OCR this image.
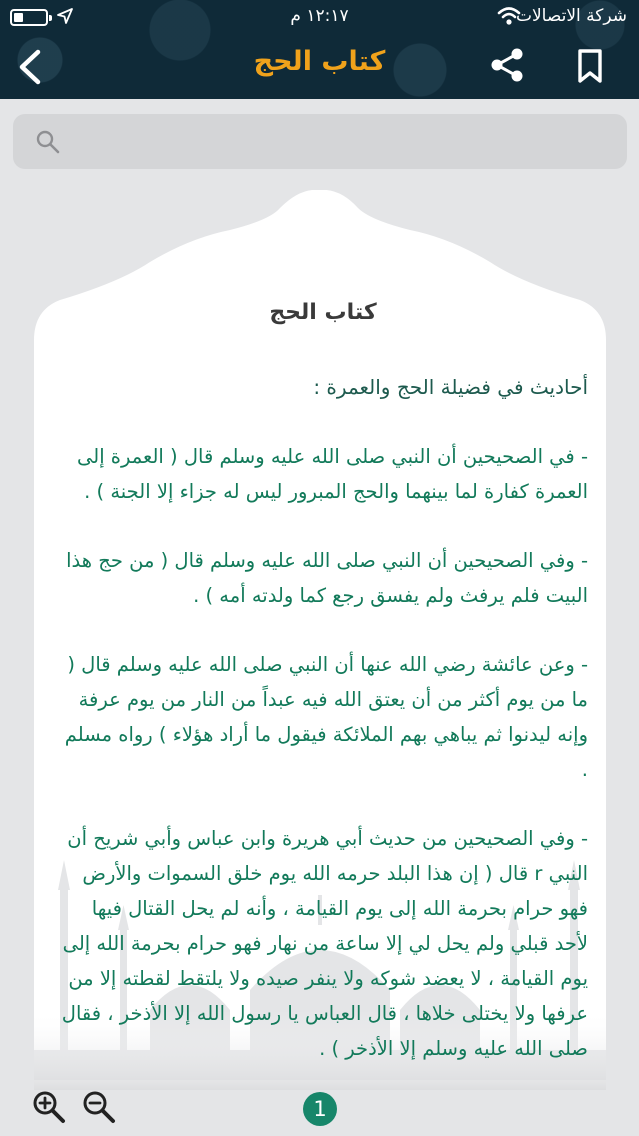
١٢:١٧ م	شركة الاتصالات
كتاب الحج
كتاب الحج
أحاديث في فضيلة الحج والعمرة :
- في الصحيحين أن النبي صلى الله عليه وسلم قال ( العمرة إلى العمرة كفارة لما بينهما والحج المبرور ليس له جزاء إلا الجنة ) .
- وفي الصحيحين أن النبي صلى الله عليه وسلم قال ( من حج هذا البيت فلم يرفث ولم يفسق رجع كما ولدته أمه ) .
- وعن عائشة رضي الله عنها أن النبي صلى الله عليه وسلم قال ( ما من يوم أكثر من أن يعتق الله فيه عبداً من النار من يوم عرفة وإنه ليدنوا ثم يباهي بهم الملائكة فيقول ما أراد هؤلاء ) رواه مسلم .
- وفي الصحيحين من حديث أبي هريرة وابن عباس وأبي شريح أن النبي r قال ( إن هذا البلد حرمه الله يوم خلق السموات والأرض فهو حرام بحرمة الله إلى يوم القيامة ، وأنه لم يحل القتال فيها لأحد قبلي ولم يحل لي إلا ساعة من نهار فهو حرام بحرمة الله إلى يوم القيامة ، لا يعضد شوكه ولا ينفر صيده ولا يلتقط لقطته إلا من عرفها ولا يختلى خلاها ، قال العباس يا رسول الله إلا الأذخر ، فقال صلى الله عليه وسلم إلا الأذخر ) .
1
